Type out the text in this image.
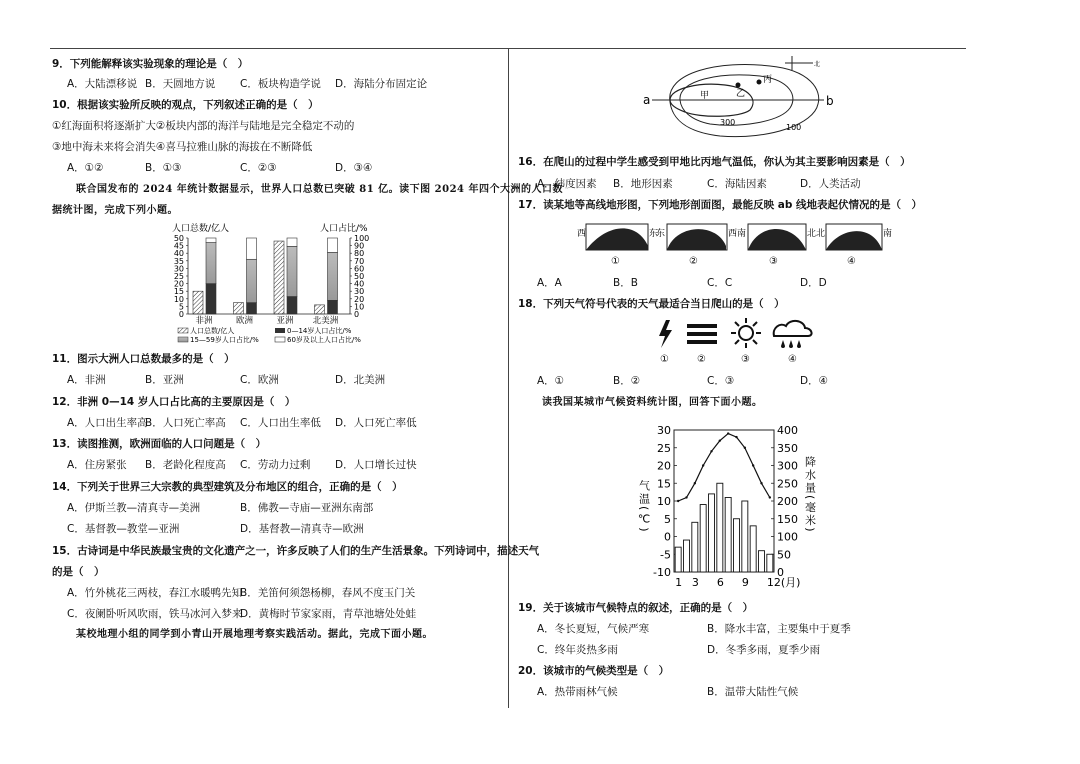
9．下列能解释该实验现象的理论是（　）
A．大陆漂移说 B．天圆地方说 C．板块构造学说 D．海陆分布固定论
10．根据该实验所反映的观点，下列叙述正确的是（　）
①红海面积将逐渐扩大②板块内部的海洋与陆地是完全稳定不动的
③地中海未来将会消失④喜马拉雅山脉的海拔在不断降低
A．①②	B．①③	C．②③	D．③④
联合国发布的 2024 年统计数据显示，世界人口总数已突破 81 亿。读下图 2024 年四个大洲的人口数
据统计图，完成下列小题。
人口总数/亿人	人口占比/%
0
5
10
15
20
25
30
35
40
45
50
0
10
20
30
40
50
60
70
80
90
100
非洲	欧洲	亚洲 北美洲
人口总数/亿人	0—14岁人口占比/%
15—59岁人口占比/%	60岁及以上人口占比/%
11．图示大洲人口总数最多的是（　）
A．非洲	B．亚洲	C．欧洲	D．北美洲
12．非洲 0—14 岁人口占比高的主要原因是（　）
A．人口出生率高
B．人口死亡率高 C．人口出生率低 D．人口死亡率低
13．读图推测，欧洲面临的人口问题是（　）
A．住房紧张 B．老龄化程度高 C．劳动力过剩 D．人口增长过快
14．下列关于世界三大宗教的典型建筑及分布地区的组合，正确的是（　）
A．伊斯兰教—清真寺—美洲	B．佛教—寺庙—亚洲东南部
C．基督教—教堂—亚洲	D．基督教—清真寺—欧洲
15．古诗词是中华民族最宝贵的文化遗产之一，许多反映了人们的生产生活景象。下列诗词中，描述天气
的是（　）
A．竹外桃花三两枝，春江水暖鸭先知
B．羌笛何须怨杨柳，春风不度玉门关
C．夜阑卧听风吹雨，铁马冰河入梦来
D．黄梅时节家家雨，青草池塘处处蛙
某校地理小组的同学到小青山开展地理考察实践活动。据此，完成下面小题。
a	b
甲	乙
丙
300
100
北
16．在爬山的过程中学生感受到甲地比丙地气温低，你认为其主要影响因素是（　）
A．纬度因素 B．地形因素	C．海陆因素	D．人类活动
17．读某地等高线地形图，下列地形剖面图，最能反映 ab 线地表起伏情况的是（　）
西	东
①
东	西
②
南	北
③
北	南
④
A．A	B．B	C．C	D．D
18．下列天气符号代表的天气最适合当日爬山的是（　）
①	②	③	④
A．①	B．②	C．③	D．④
读我国某城市气候资料统计图，回答下面小题。
气温(℃)	降水量(毫米)
30
25
20
15
10
5
0
-5
-10
400
350
300
250
200
150
100
50
0
1 3 6 9 12(月)
19．关于该城市气候特点的叙述，正确的是（　）
A．冬长夏短，气候严寒	B．降水丰富，主要集中于夏季
C．终年炎热多雨	D．冬季多雨，夏季少雨
20．该城市的气候类型是（　）
A．热带雨林气候	B．温带大陆性气候
